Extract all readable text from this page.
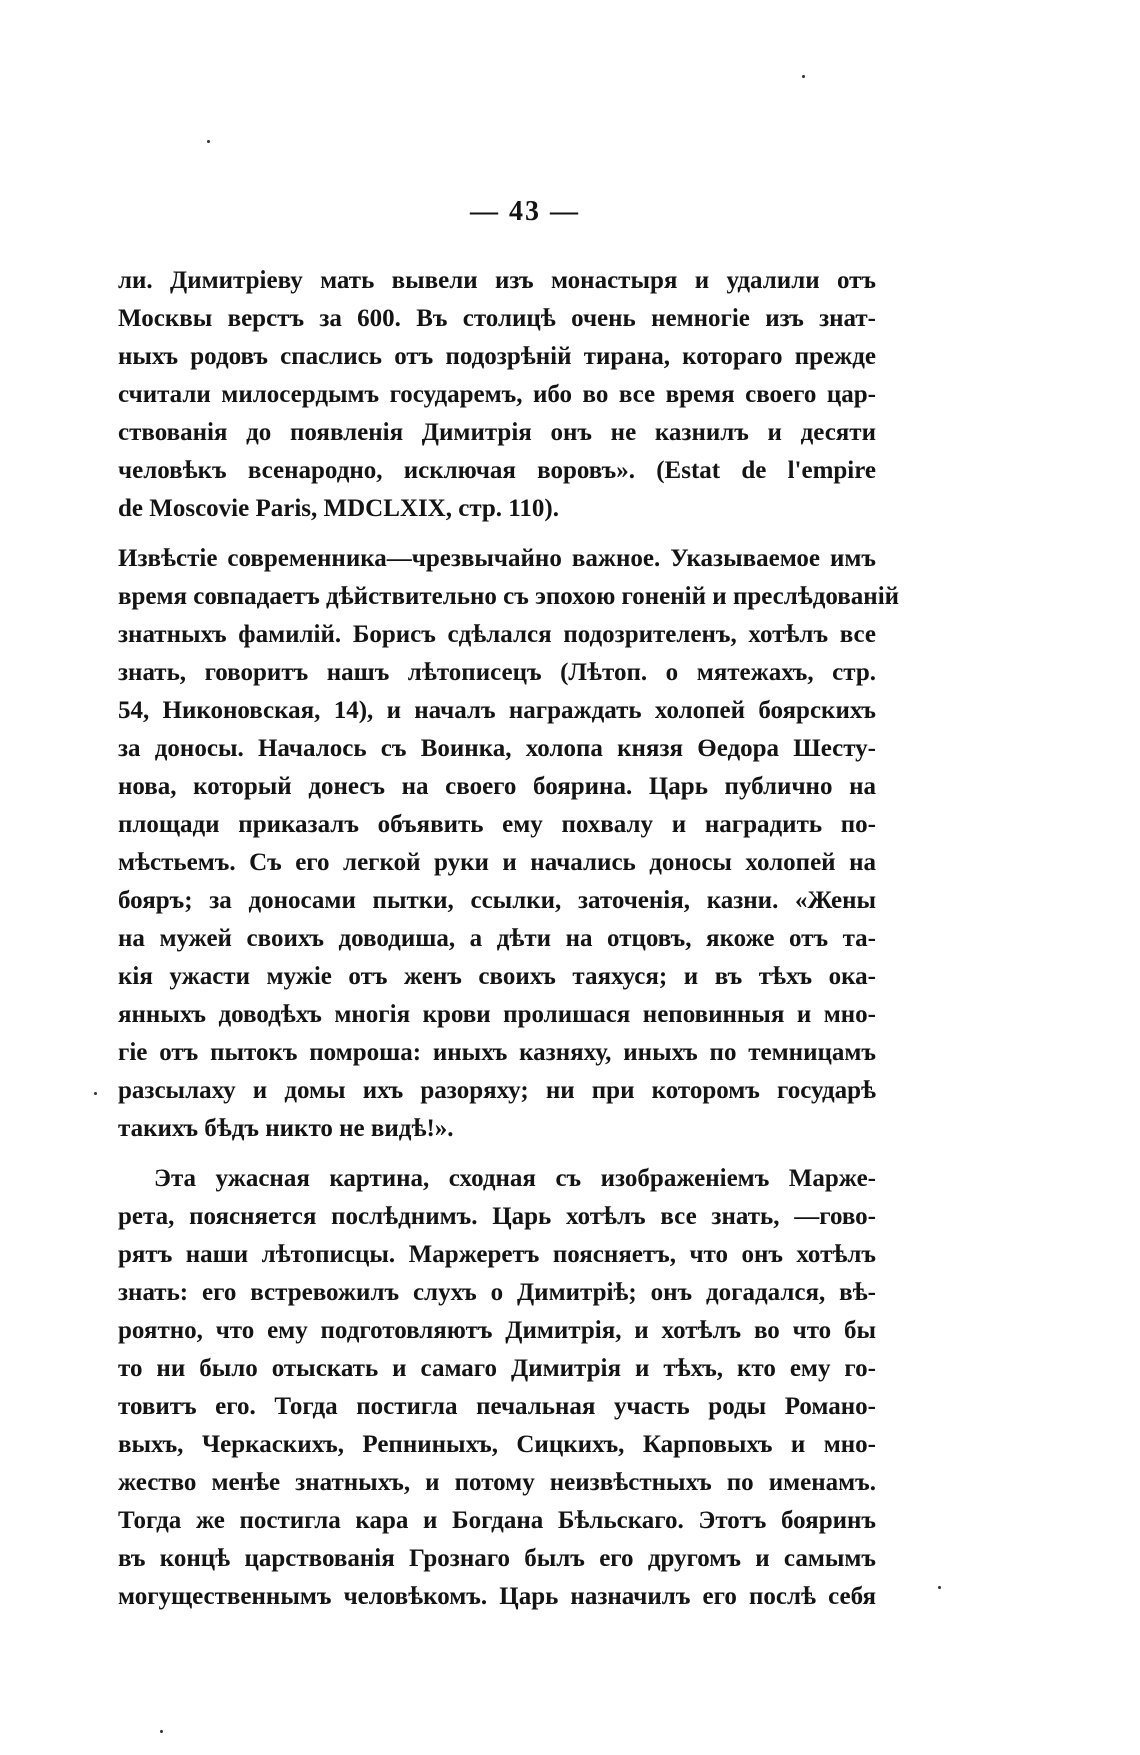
— 43 —
ли. Димитріеву мать вывели изъ монастыря и удалили отъ
Москвы верстъ за 600. Въ столицѣ очень немногіе изъ знат-
ныхъ родовъ спаслись отъ подозрѣній тирана, котораго прежде
считали милосердымъ государемъ, ибо во все время своего цар-
ствованія до появленія Димитрія онъ не казнилъ и десяти
человѣкъ всенародно, исключая воровъ». (Estat de l'empire
de Moscovie Paris, MDCLXIX, стр. 110).
Извѣстіе современника—чрезвычайно важное. Указываемое имъ
время совпадаетъ дѣйствительно съ эпохою гоненій и преслѣдованій
знатныхъ фамилій. Борисъ сдѣлался подозрителенъ, хотѣлъ все
знать, говоритъ нашъ лѣтописецъ (Лѣтоп. о мятежахъ, стр.
54, Никоновская, 14), и началъ награждать холопей боярскихъ
за доносы. Началось съ Воинка, холопа князя Өедора Шесту-
нова, который донесъ на своего боярина. Царь публично на
площади приказалъ объявить ему похвалу и наградить по-
мѣстьемъ. Съ его легкой руки и начались доносы холопей на
бояръ; за доносами пытки, ссылки, заточенія, казни. «Жены
на мужей своихъ доводиша, а дѣти на отцовъ, якоже отъ та-
кія ужасти мужіе отъ женъ своихъ таяхуся; и въ тѣхъ ока-
янныхъ доводѣхъ многія крови пролишася неповинныя и мно-
гіе отъ пытокъ помроша: иныхъ казняху, иныхъ по темницамъ
разсылаху и домы ихъ разоряху; ни при которомъ государѣ
такихъ бѣдъ никто не видѣ!».
Эта ужасная картина, сходная съ изображеніемъ Марже-
рета, поясняется послѣднимъ. Царь хотѣлъ все знать, —гово-
рятъ наши лѣтописцы. Маржеретъ поясняетъ, что онъ хотѣлъ
знать: его встревожилъ слухъ о Димитріѣ; онъ догадался, вѣ-
роятно, что ему подготовляютъ Димитрія, и хотѣлъ во что бы
то ни было отыскать и самаго Димитрія и тѣхъ, кто ему го-
товитъ его. Тогда постигла печальная участь роды Романо-
выхъ, Черкаскихъ, Репниныхъ, Сицкихъ, Карповыхъ и мно-
жество менѣе знатныхъ, и потому неизвѣстныхъ по именамъ.
Тогда же постигла кара и Богдана Бѣльскаго. Этотъ бояринъ
въ концѣ царствованія Грознаго былъ его другомъ и самымъ
могущественнымъ человѣкомъ. Царь назначилъ его послѣ себя
